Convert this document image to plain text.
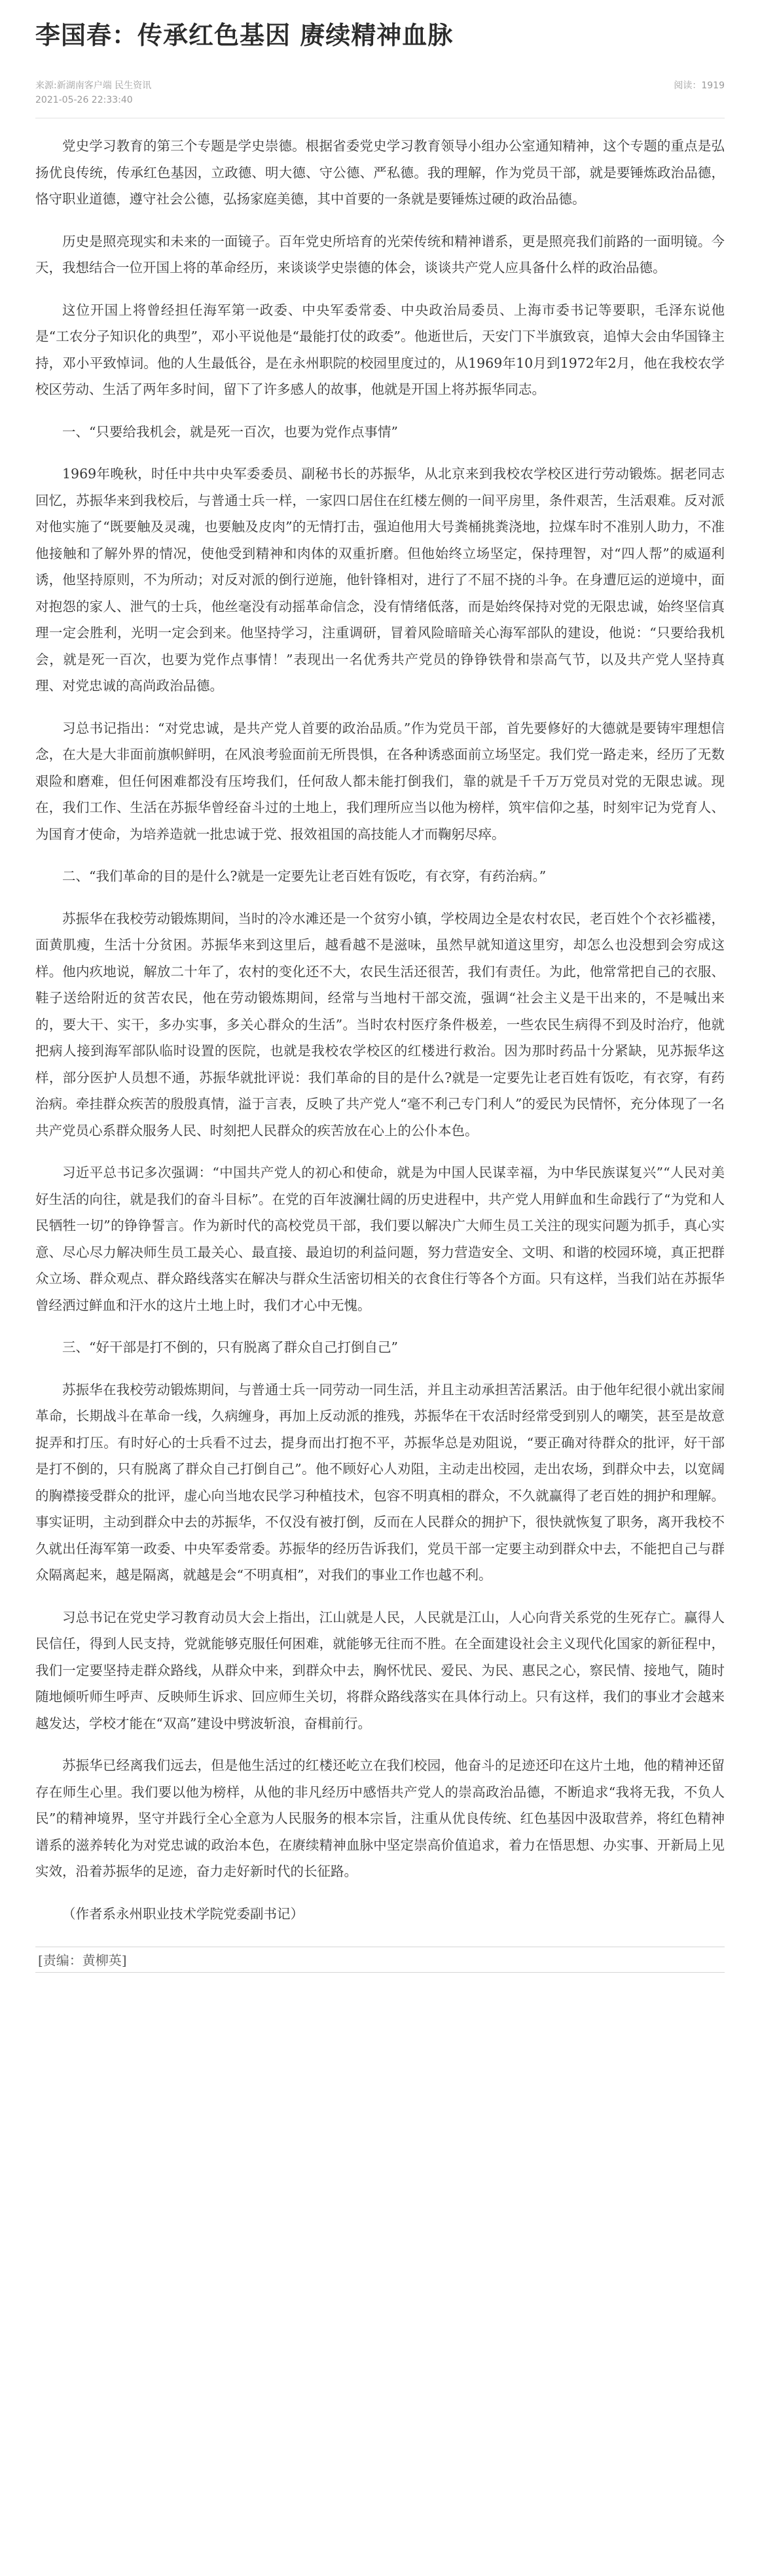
李国春：传承红色基因 赓续精神血脉
来源:新湖南客户端 民生资讯
2021-05-26 22:33:40
阅读：1919

党史学习教育的第三个专题是学史崇德。根据省委党史学习教育领导小组办公室通知精神，这个专题的重点是弘扬优良传统，传承红色基因，立政德、明大德、守公德、严私德。我的理解，作为党员干部，就是要锤炼政治品德，恪守职业道德，遵守社会公德，弘扬家庭美德，其中首要的一条就是要锤炼过硬的政治品德。

历史是照亮现实和未来的一面镜子。百年党史所培育的光荣传统和精神谱系，更是照亮我们前路的一面明镜。今天，我想结合一位开国上将的革命经历，来谈谈学史崇德的体会，谈谈共产党人应具备什么样的政治品德。

这位开国上将曾经担任海军第一政委、中央军委常委、中央政治局委员、上海市委书记等要职，毛泽东说他是“工农分子知识化的典型”，邓小平说他是“最能打仗的政委”。他逝世后，天安门下半旗致哀，追悼大会由华国锋主持，邓小平致悼词。他的人生最低谷，是在永州职院的校园里度过的，从1969年10月到1972年2月，他在我校农学校区劳动、生活了两年多时间，留下了许多感人的故事，他就是开国上将苏振华同志。

一、“只要给我机会，就是死一百次，也要为党作点事情”

1969年晚秋，时任中共中央军委委员、副秘书长的苏振华，从北京来到我校农学校区进行劳动锻炼。据老同志回忆，苏振华来到我校后，与普通士兵一样，一家四口居住在红楼左侧的一间平房里，条件艰苦，生活艰难。反对派对他实施了“既要触及灵魂，也要触及皮肉”的无情打击，强迫他用大号粪桶挑粪浇地，拉煤车时不准别人助力，不准他接触和了解外界的情况，使他受到精神和肉体的双重折磨。但他始终立场坚定，保持理智，对“四人帮”的威逼利诱，他坚持原则，不为所动；对反对派的倒行逆施，他针锋相对，进行了不屈不挠的斗争。在身遭厄运的逆境中，面对抱怨的家人、泄气的士兵，他丝毫没有动摇革命信念，没有情绪低落，而是始终保持对党的无限忠诚，始终坚信真理一定会胜利，光明一定会到来。他坚持学习，注重调研，冒着风险暗暗关心海军部队的建设，他说：“只要给我机会，就是死一百次，也要为党作点事情！”表现出一名优秀共产党员的铮铮铁骨和崇高气节，以及共产党人坚持真理、对党忠诚的高尚政治品德。

习总书记指出：“对党忠诚，是共产党人首要的政治品质。”作为党员干部，首先要修好的大德就是要铸牢理想信念，在大是大非面前旗帜鲜明，在风浪考验面前无所畏惧，在各种诱惑面前立场坚定。我们党一路走来，经历了无数艰险和磨难，但任何困难都没有压垮我们，任何敌人都未能打倒我们，靠的就是千千万万党员对党的无限忠诚。现在，我们工作、生活在苏振华曾经奋斗过的土地上，我们理所应当以他为榜样，筑牢信仰之基，时刻牢记为党育人、为国育才使命，为培养造就一批忠诚于党、报效祖国的高技能人才而鞠躬尽瘁。

二、“我们革命的目的是什么?就是一定要先让老百姓有饭吃，有衣穿，有药治病。”

苏振华在我校劳动锻炼期间，当时的冷水滩还是一个贫穷小镇，学校周边全是农村农民，老百姓个个衣衫褴褛，面黄肌瘦，生活十分贫困。苏振华来到这里后，越看越不是滋味，虽然早就知道这里穷，却怎么也没想到会穷成这样。他内疚地说，解放二十年了，农村的变化还不大，农民生活还很苦，我们有责任。为此，他常常把自己的衣服、鞋子送给附近的贫苦农民，他在劳动锻炼期间，经常与当地村干部交流，强调“社会主义是干出来的，不是喊出来的，要大干、实干，多办实事，多关心群众的生活”。当时农村医疗条件极差，一些农民生病得不到及时治疗，他就把病人接到海军部队临时设置的医院，也就是我校农学校区的红楼进行救治。因为那时药品十分紧缺，见苏振华这样，部分医护人员想不通，苏振华就批评说：我们革命的目的是什么?就是一定要先让老百姓有饭吃，有衣穿，有药治病。牵挂群众疾苦的殷殷真情，溢于言表，反映了共产党人“毫不利己专门利人”的爱民为民情怀，充分体现了一名共产党员心系群众服务人民、时刻把人民群众的疾苦放在心上的公仆本色。

习近平总书记多次强调：“中国共产党人的初心和使命，就是为中国人民谋幸福，为中华民族谋复兴”“人民对美好生活的向往，就是我们的奋斗目标”。在党的百年波澜壮阔的历史进程中，共产党人用鲜血和生命践行了“为党和人民牺牲一切”的铮铮誓言。作为新时代的高校党员干部，我们要以解决广大师生员工关注的现实问题为抓手，真心实意、尽心尽力解决师生员工最关心、最直接、最迫切的利益问题，努力营造安全、文明、和谐的校园环境，真正把群众立场、群众观点、群众路线落实在解决与群众生活密切相关的衣食住行等各个方面。只有这样，当我们站在苏振华曾经洒过鲜血和汗水的这片土地上时，我们才心中无愧。

三、“好干部是打不倒的，只有脱离了群众自己打倒自己”

苏振华在我校劳动锻炼期间，与普通士兵一同劳动一同生活，并且主动承担苦活累活。由于他年纪很小就出家闹革命，长期战斗在革命一线，久病缠身，再加上反动派的推残，苏振华在干农活时经常受到别人的嘲笑，甚至是故意捉弄和打压。有时好心的士兵看不过去，提身而出打抱不平，苏振华总是劝阻说，“要正确对待群众的批评，好干部是打不倒的，只有脱离了群众自己打倒自己”。他不顾好心人劝阻，主动走出校园，走出农场，到群众中去，以宽阔的胸襟接受群众的批评，虚心向当地农民学习种植技术，包容不明真相的群众，不久就赢得了老百姓的拥护和理解。事实证明，主动到群众中去的苏振华，不仅没有被打倒，反而在人民群众的拥护下，很快就恢复了职务，离开我校不久就出任海军第一政委、中央军委常委。苏振华的经历告诉我们，党员干部一定要主动到群众中去，不能把自己与群众隔离起来，越是隔离，就越是会“不明真相”，对我们的事业工作也越不利。

习总书记在党史学习教育动员大会上指出，江山就是人民，人民就是江山，人心向背关系党的生死存亡。赢得人民信任，得到人民支持，党就能够克服任何困难，就能够无往而不胜。在全面建设社会主义现代化国家的新征程中，我们一定要坚持走群众路线，从群众中来，到群众中去，胸怀忧民、爱民、为民、惠民之心，察民情、接地气，随时随地倾听师生呼声、反映师生诉求、回应师生关切，将群众路线落实在具体行动上。只有这样，我们的事业才会越来越发达，学校才能在“双高”建设中劈波斩浪，奋楫前行。

苏振华已经离我们远去，但是他生活过的红楼还屹立在我们校园，他奋斗的足迹还印在这片土地，他的精神还留存在师生心里。我们要以他为榜样，从他的非凡经历中感悟共产党人的崇高政治品德，不断追求“我将无我，不负人民”的精神境界，坚守并践行全心全意为人民服务的根本宗旨，注重从优良传统、红色基因中汲取营养，将红色精神谱系的滋养转化为对党忠诚的政治本色，在赓续精神血脉中坚定崇高价值追求，着力在悟思想、办实事、开新局上见实效，沿着苏振华的足迹，奋力走好新时代的长征路。

（作者系永州职业技术学院党委副书记）

[责编：黄柳英]
